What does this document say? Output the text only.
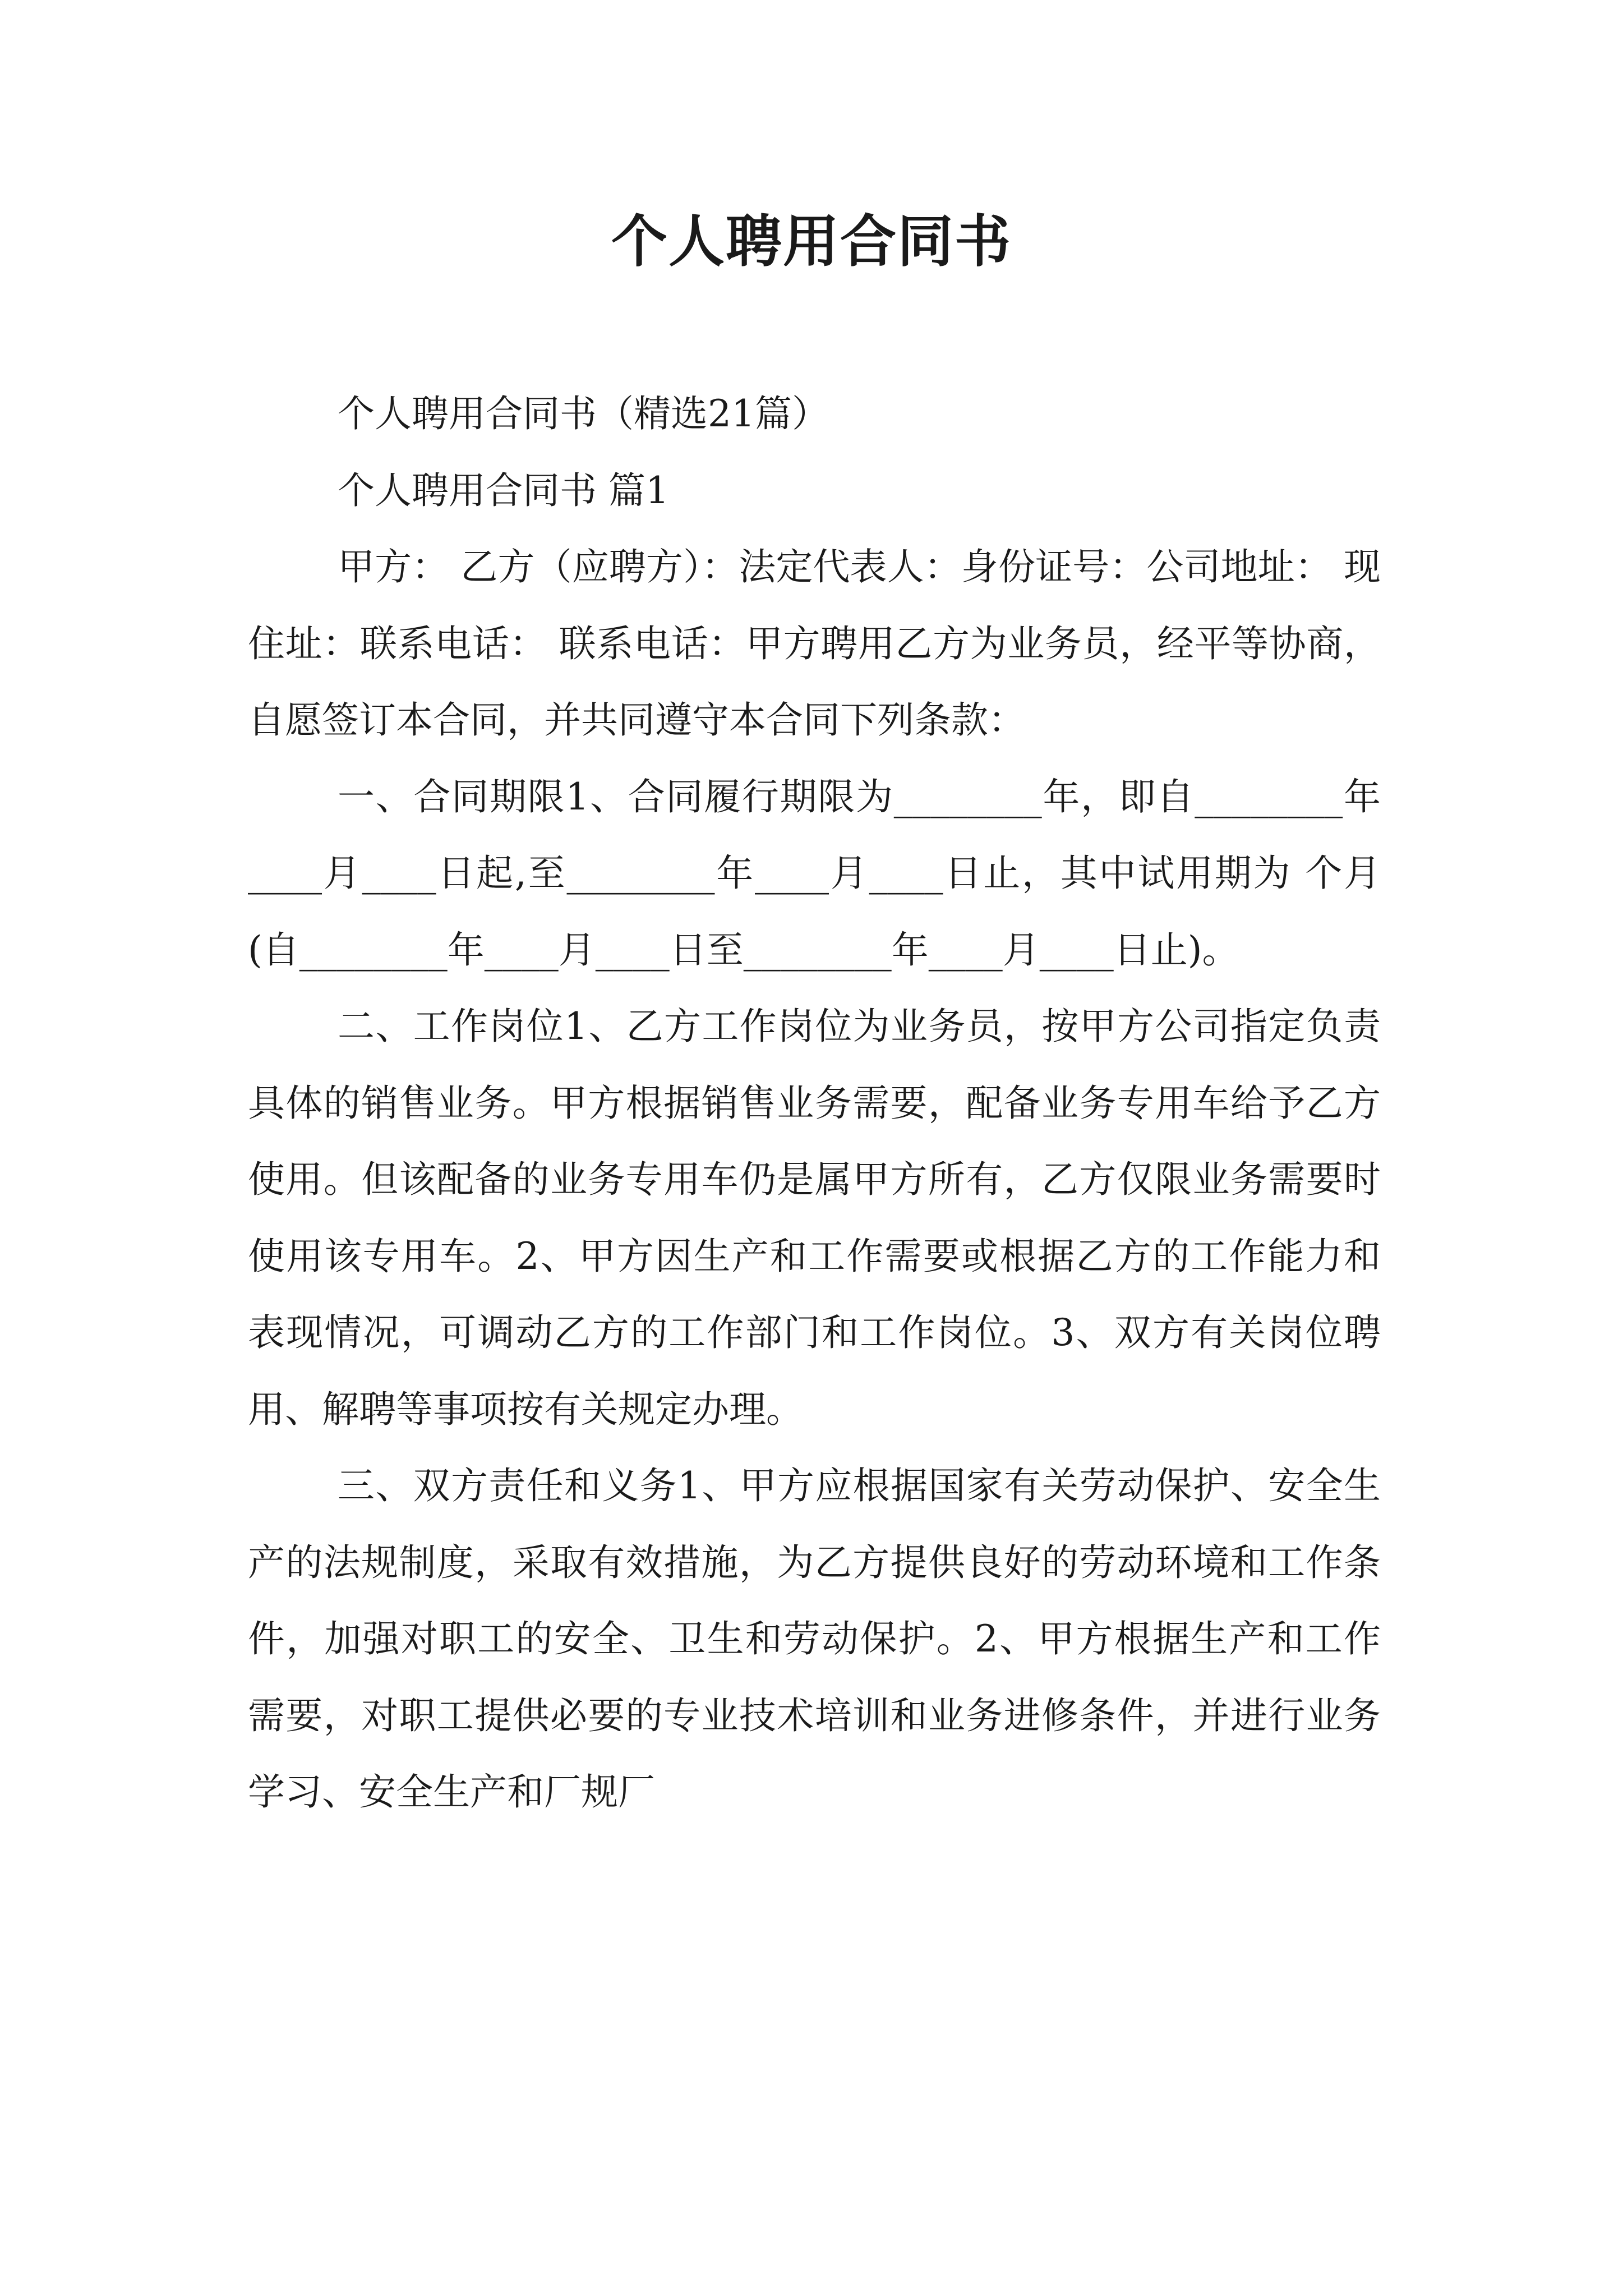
个人聘用合同书

个人聘用合同书（精选21篇）

个人聘用合同书 篇1

甲方： 乙方（应聘方）：法定代表人：身份证号：公司地址： 现住址：联系电话： 联系电话：甲方聘用乙方为业务员，经平等协商，自愿签订本合同，并共同遵守本合同下列条款：

一、合同期限1、合同履行期限为________年，即自________年____月____日起,至________年____月____日止，其中试用期为 个月(自________年____月____日至________年____月____日止)。

二、工作岗位1、乙方工作岗位为业务员，按甲方公司指定负责具体的销售业务。甲方根据销售业务需要，配备业务专用车给予乙方使用。但该配备的业务专用车仍是属甲方所有，乙方仅限业务需要时使用该专用车。2、甲方因生产和工作需要或根据乙方的工作能力和表现情况，可调动乙方的工作部门和工作岗位。3、双方有关岗位聘用、解聘等事项按有关规定办理。

三、双方责任和义务1、甲方应根据国家有关劳动保护、安全生产的法规制度，采取有效措施，为乙方提供良好的劳动环境和工作条件，加强对职工的安全、卫生和劳动保护。2、甲方根据生产和工作需要，对职工提供必要的专业技术培训和业务进修条件，并进行业务学习、安全生产和厂规厂
